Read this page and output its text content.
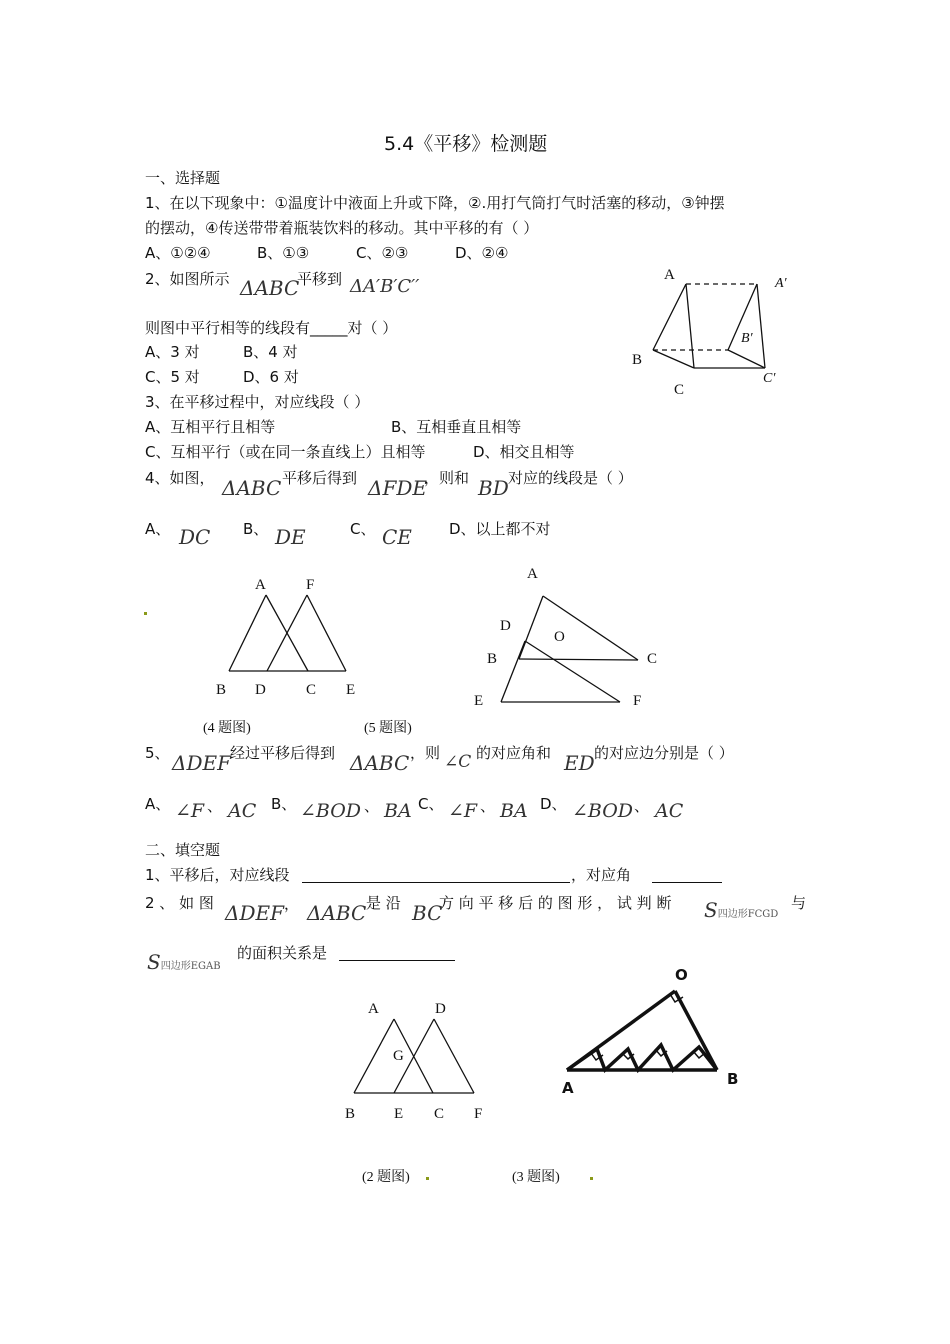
5.4《平移》检测题
一、选择题
1、在以下现象中：①温度计中液面上升或下降，②.用打气筒打气时活塞的移动，③钟摆
的摆动，④传送带带着瓶装饮料的移动。其中平移的有（ ）
A、①②④	B、①③	C、②③	D、②④
2、如图所示 ΔABC
平移到 ΔA′B′C′′
则图中平行相等的线段有_____对（ ）
A、3 对	B、4 对
C、5 对	D、6 对
3、在平移过程中，对应线段（ ）
A、互相平行且相等	B、互相垂直且相等
C、互相平行（或在同一条直线上）且相等	D、相交且相等
4、如图， ΔABC 平移后得到 ΔFDE
，则和 BD 对应的线段是（ ）
A、 DC B、 DE	C、 CE D、以上都不对
A
A′
B′
B
C
C′
A	F
B D	C E
A
D
O
B	C
E	F
(4 题图)	(5 题图)
5、 ΔDEF 经过平移后得到 ΔABC ，则 ∠C 的对应角和 ED 的对应边分别是（ ）
A、 ∠F 、 AC B、 ∠BOD 、 BA C、 ∠F 、 BA D、 ∠BOD 、 AC
二、填空题
1、平移后，对应线段	，对应角
2 、 如 图 ΔDEF ， ΔABC 是 沿 BC
方 向 平 移 后 的 图 形 ， 试 判 断 S四边形FCGD
与
S四边形EGAB
的面积关系是
A	D
G
B	E C F
O
A	B
(2 题图)	(3 题图)
